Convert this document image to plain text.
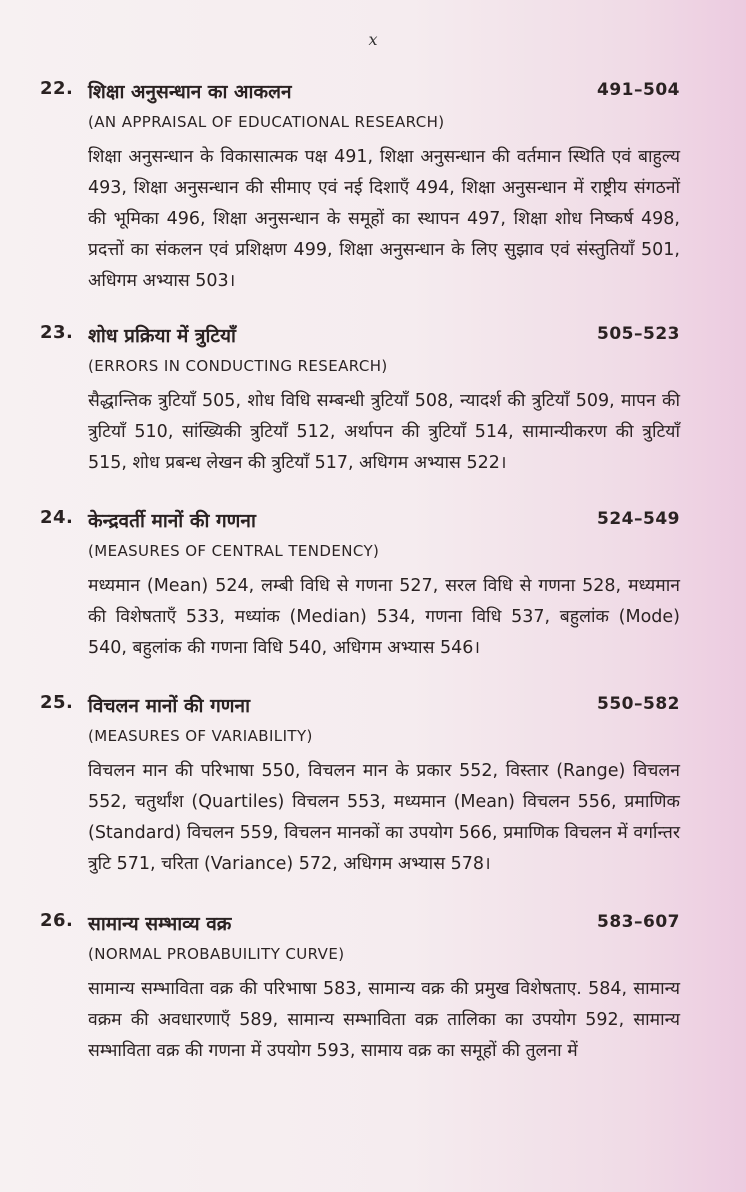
x
22. शिक्षा अनुसन्धान का आकलन	491–504
(AN APPRAISAL OF EDUCATIONAL RESEARCH)
शिक्षा अनुसन्धान के विकासात्मक पक्ष 491, शिक्षा अनुसन्धान की वर्तमान स्थिति एवं बाहुल्य 493, शिक्षा अनुसन्धान की सीमाए एवं नई दिशाएँ 494, शिक्षा अनुसन्धान में राष्ट्रीय संगठनों की भूमिका 496, शिक्षा अनुसन्धान के समूहों का स्थापन 497, शिक्षा शोध निष्कर्ष 498, प्रदत्तों का संकलन एवं प्रशिक्षण 499, शिक्षा अनुसन्धान के लिए सुझाव एवं संस्तुतियाँ 501, अधिगम अभ्यास 503।
23. शोध प्रक्रिया में त्रुटियाँ	505–523
(ERRORS IN CONDUCTING RESEARCH)
सैद्धान्तिक त्रुटियाँ 505, शोध विधि सम्बन्धी त्रुटियाँ 508, न्यादर्श की त्रुटियाँ 509, मापन की त्रुटियाँ 510, सांख्यिकी त्रुटियाँ 512, अर्थापन की त्रुटियाँ 514, सामान्यीकरण की त्रुटियाँ 515, शोध प्रबन्ध लेखन की त्रुटियाँ 517, अधिगम अभ्यास 522।
24. केन्द्रवर्ती मानों की गणना	524–549
(MEASURES OF CENTRAL TENDENCY)
मध्यमान (Mean) 524, लम्बी विधि से गणना 527, सरल विधि से गणना 528, मध्यमान की विशेषताएँ 533, मध्यांक (Median) 534, गणना विधि 537, बहुलांक (Mode) 540, बहुलांक की गणना विधि 540, अधिगम अभ्यास 546।
25. विचलन मानों की गणना	550–582
(MEASURES OF VARIABILITY)
विचलन मान की परिभाषा 550, विचलन मान के प्रकार 552, विस्तार (Range) विचलन 552, चतुर्थांश (Quartiles) विचलन 553, मध्यमान (Mean) विचलन 556, प्रमाणिक (Standard) विचलन 559, विचलन मानकों का उपयोग 566, प्रमाणिक विचलन में वर्गान्तर त्रुटि 571, चरिता (Variance) 572, अधिगम अभ्यास 578।
26. सामान्य सम्भाव्य वक्र	583–607
(NORMAL PROBABUILITY CURVE)
सामान्य सम्भाविता वक्र की परिभाषा 583, सामान्य वक्र की प्रमुख विशेषताए. 584, सामान्य वक्रम की अवधारणाएँ 589, सामान्य सम्भाविता वक्र तालिका का उपयोग 592, सामान्य सम्भाविता वक्र की गणना में उपयोग 593, सामाय वक्र का समूहों की तुलना में
